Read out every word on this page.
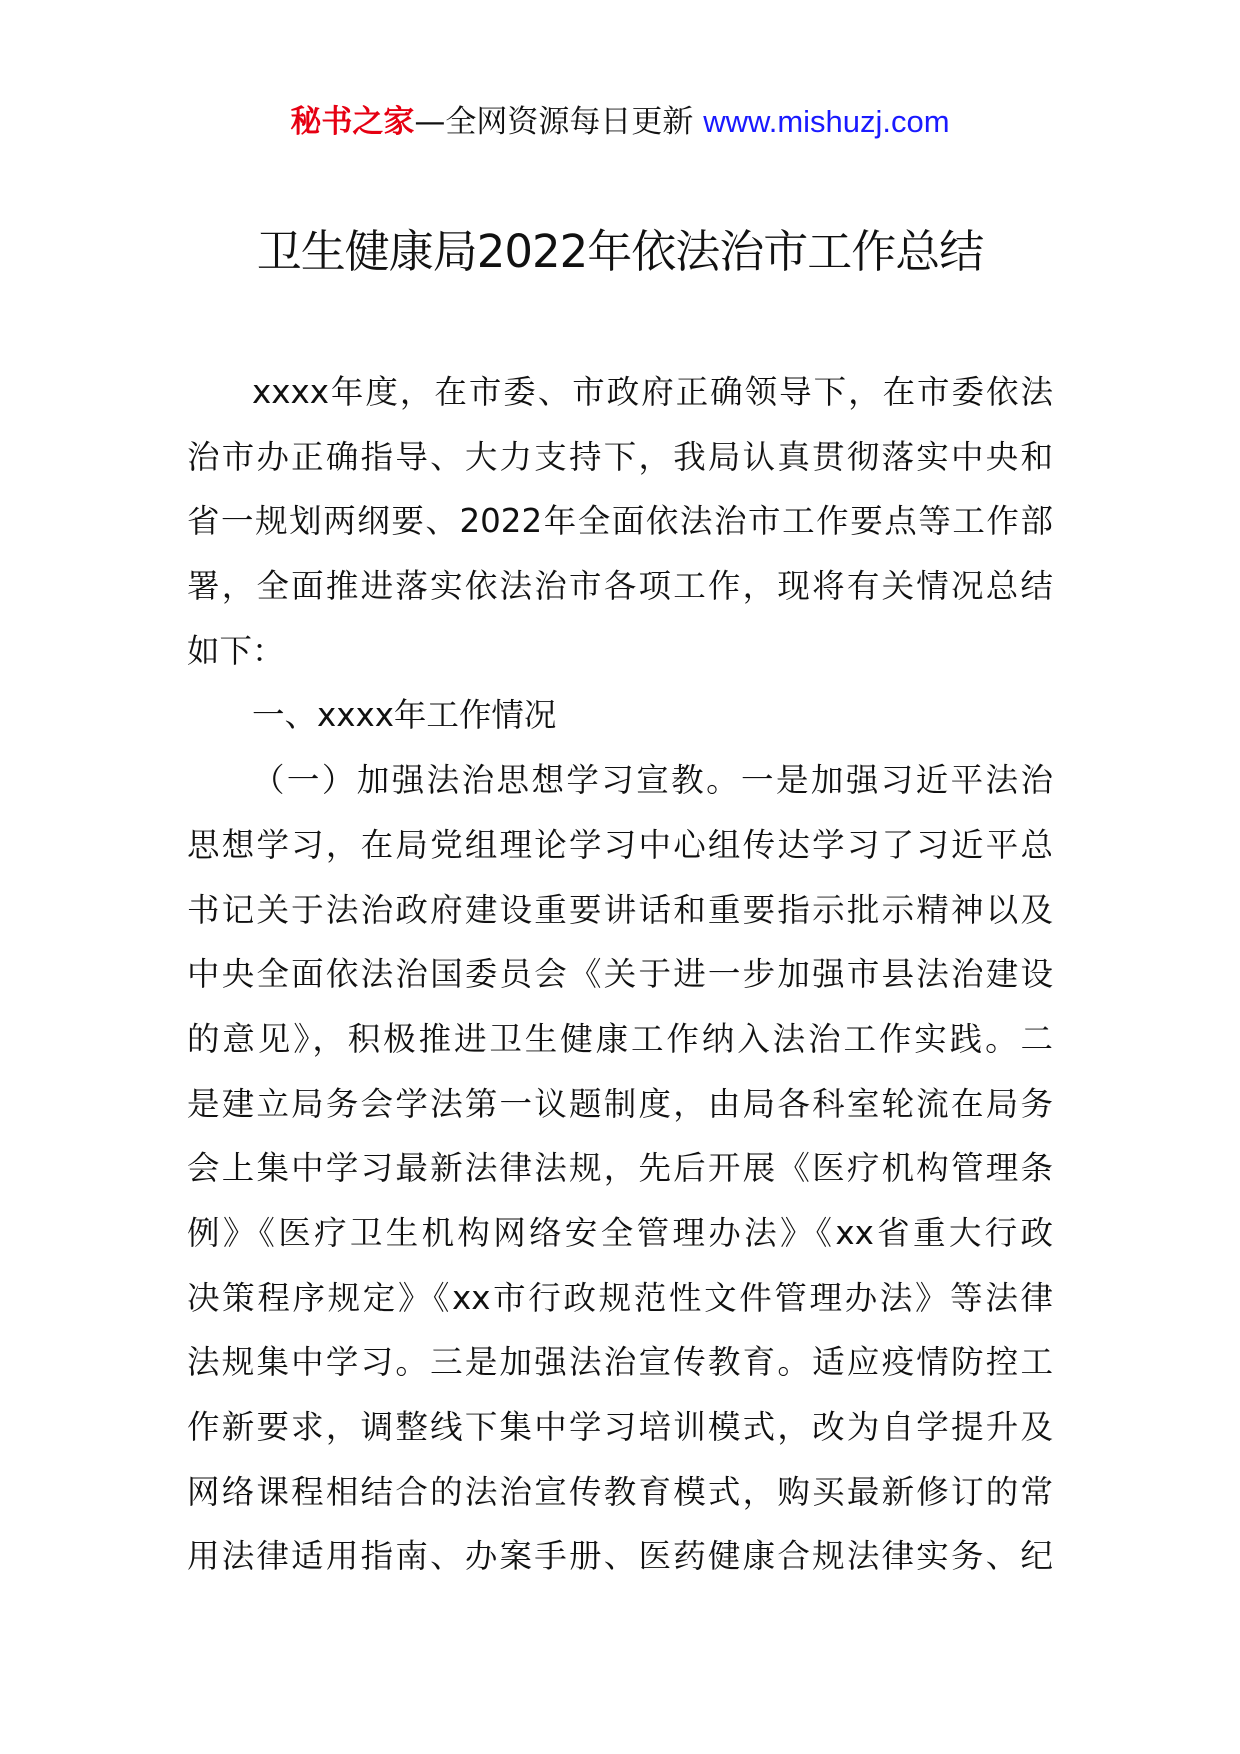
秘书之家—全网资源每日更新 www.mishuzj.com
卫生健康局2022年依法治市工作总结
xxxx年度，在市委、市政府正确领导下，在市委依法
治市办正确指导、大力支持下，我局认真贯彻落实中央和
省一规划两纲要、2022年全面依法治市工作要点等工作部
署，全面推进落实依法治市各项工作，现将有关情况总结
如下：
一、xxxx年工作情况
（一）加强法治思想学习宣教。一是加强习近平法治
思想学习，在局党组理论学习中心组传达学习了习近平总
书记关于法治政府建设重要讲话和重要指示批示精神以及
中央全面依法治国委员会《关于进一步加强市县法治建设
的意见》，积极推进卫生健康工作纳入法治工作实践。二
是建立局务会学法第一议题制度，由局各科室轮流在局务
会上集中学习最新法律法规，先后开展《医疗机构管理条
例》《医疗卫生机构网络安全管理办法》《xx省重大行政
决策程序规定》《xx市行政规范性文件管理办法》等法律
法规集中学习。三是加强法治宣传教育。适应疫情防控工
作新要求，调整线下集中学习培训模式，改为自学提升及
网络课程相结合的法治宣传教育模式，购买最新修订的常
用法律适用指南、办案手册、医药健康合规法律实务、纪
